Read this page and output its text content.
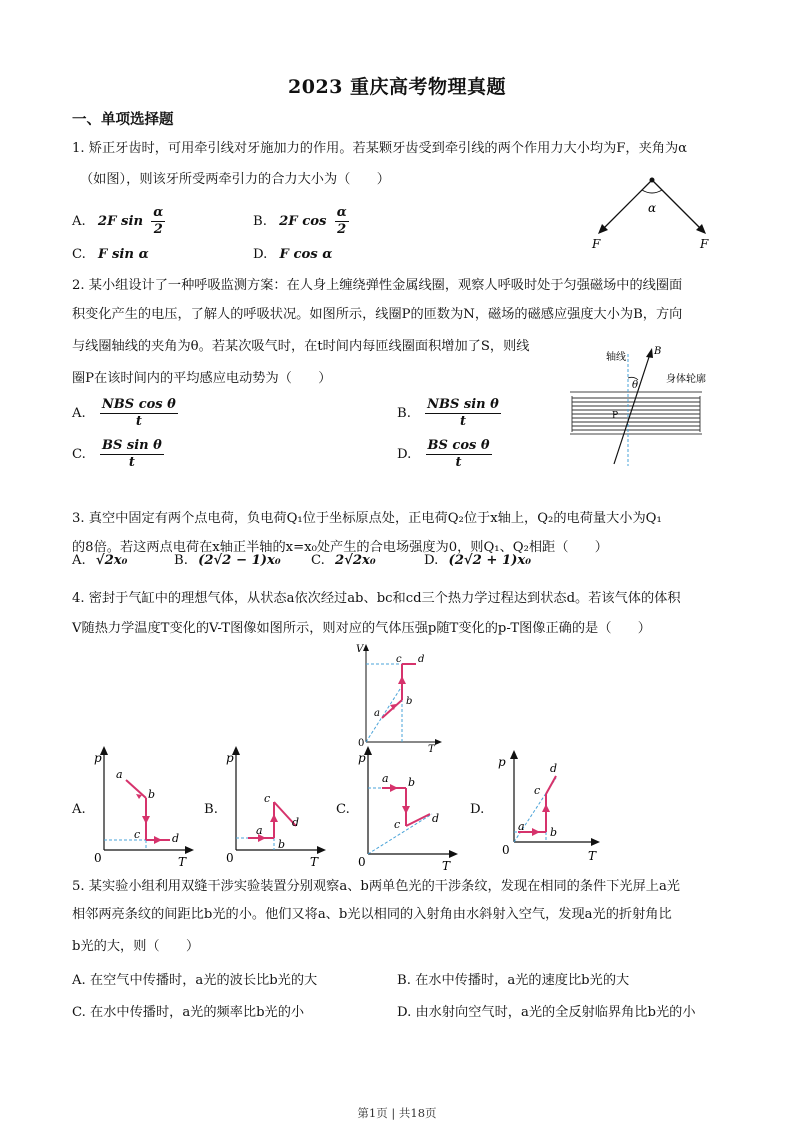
2023 重庆高考物理真题
一、单项选择题
1. 矫正牙齿时，可用牵引线对牙施加力的作用。若某颗牙齿受到牵引线的两个作用力大小均为F，夹角为α
（如图），则该牙所受两牵引力的合力大小为（　　）
A. 2F $\sin \frac{\alpha}{2}$	B. 2F $\cos \frac{\alpha}{2}$
C. F sin α	D. F cos α
α
F	F
2. 某小组设计了一种呼吸监测方案：在人身上缠绕弹性金属线圈，观察人呼吸时处于匀强磁场中的线圈面
积变化产生的电压，了解人的呼吸状况。如图所示，线圈P的匝数为N，磁场的磁感应强度大小为B，方向
与线圈轴线的夹角为θ。若某次吸气时，在t时间内每匝线圈面积增加了S，则线
圈P在该时间内的平均感应电动势为（　　）
A. $\frac{\text{NBS cos θ}}{t}$	B. $\frac{\text{NBS sin θ}}{t}$
C. $\frac{\text{BS sin θ}}{t}$	D. $\frac{\text{BS cos θ}}{t}$
轴线
B
θ
身体轮廓
P
3. 真空中固定有两个点电荷，负电荷Q₁位于坐标原点处，正电荷Q₂位于x轴上，Q₂的电荷量大小为Q₁
的8倍。若这两点电荷在x轴正半轴的x=x₀处产生的合电场强度为0，则Q₁、Q₂相距（　　）
A. √2x₀	B. (2√2 − 1)x₀ C. 2√2x₀	D. (2√2 + 1)x₀
4. 密封于气缸中的理想气体，从状态a依次经过ab、bc和cd三个热力学过程达到状态d。若该气体的体积
V随热力学温度T变化的V-T图像如图所示，则对应的气体压强p随T变化的p-T图像正确的是（　　）
V
T
0
a
b
c d
A.
p
T
0
a
b
c	d
B.
p
T
0
a
b
c
d
C.
p
T
0
a b
c	d
D.
p
T
0
a b
c
d
5. 某实验小组利用双缝干涉实验装置分别观察a、b两单色光的干涉条纹，发现在相同的条件下光屏上a光
相邻两亮条纹的间距比b光的小。他们又将a、b光以相同的入射角由水斜射入空气，发现a光的折射角比
b光的大，则（　　）
A. 在空气中传播时，a光的波长比b光的大	B. 在水中传播时，a光的速度比b光的大
C. 在水中传播时，a光的频率比b光的小	D. 由水射向空气时，a光的全反射临界角比b光的小
第1页 | 共18页
